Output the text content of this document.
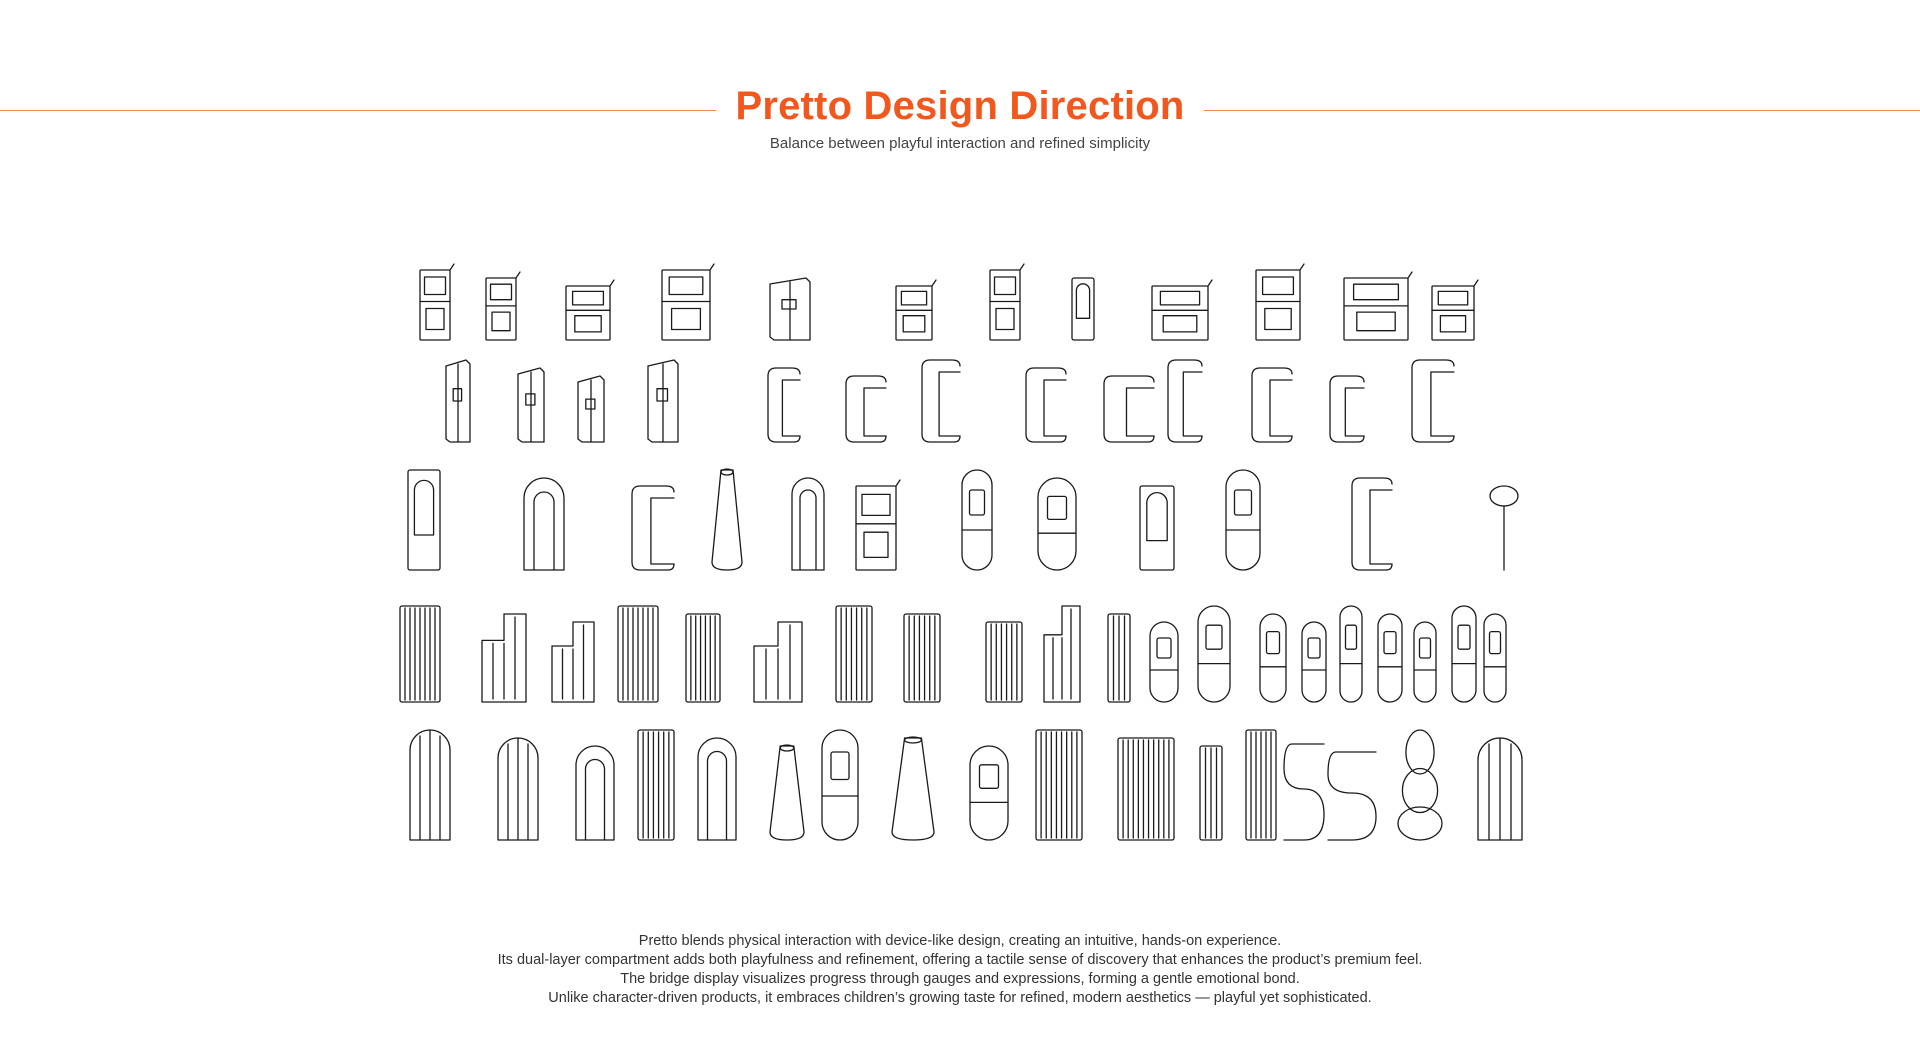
Pretto Design Direction
Balance between playful interaction and refined simplicity

Pretto blends physical interaction with device-like design, creating an intuitive, hands-on experience.

Its dual-layer compartment adds both playfulness and refinement, offering a tactile sense of discovery that enhances the product’s premium feel.

The bridge display visualizes progress through gauges and expressions, forming a gentle emotional bond.

Unlike character-driven products, it embraces children’s growing taste for refined, modern aesthetics — playful yet sophisticated.
